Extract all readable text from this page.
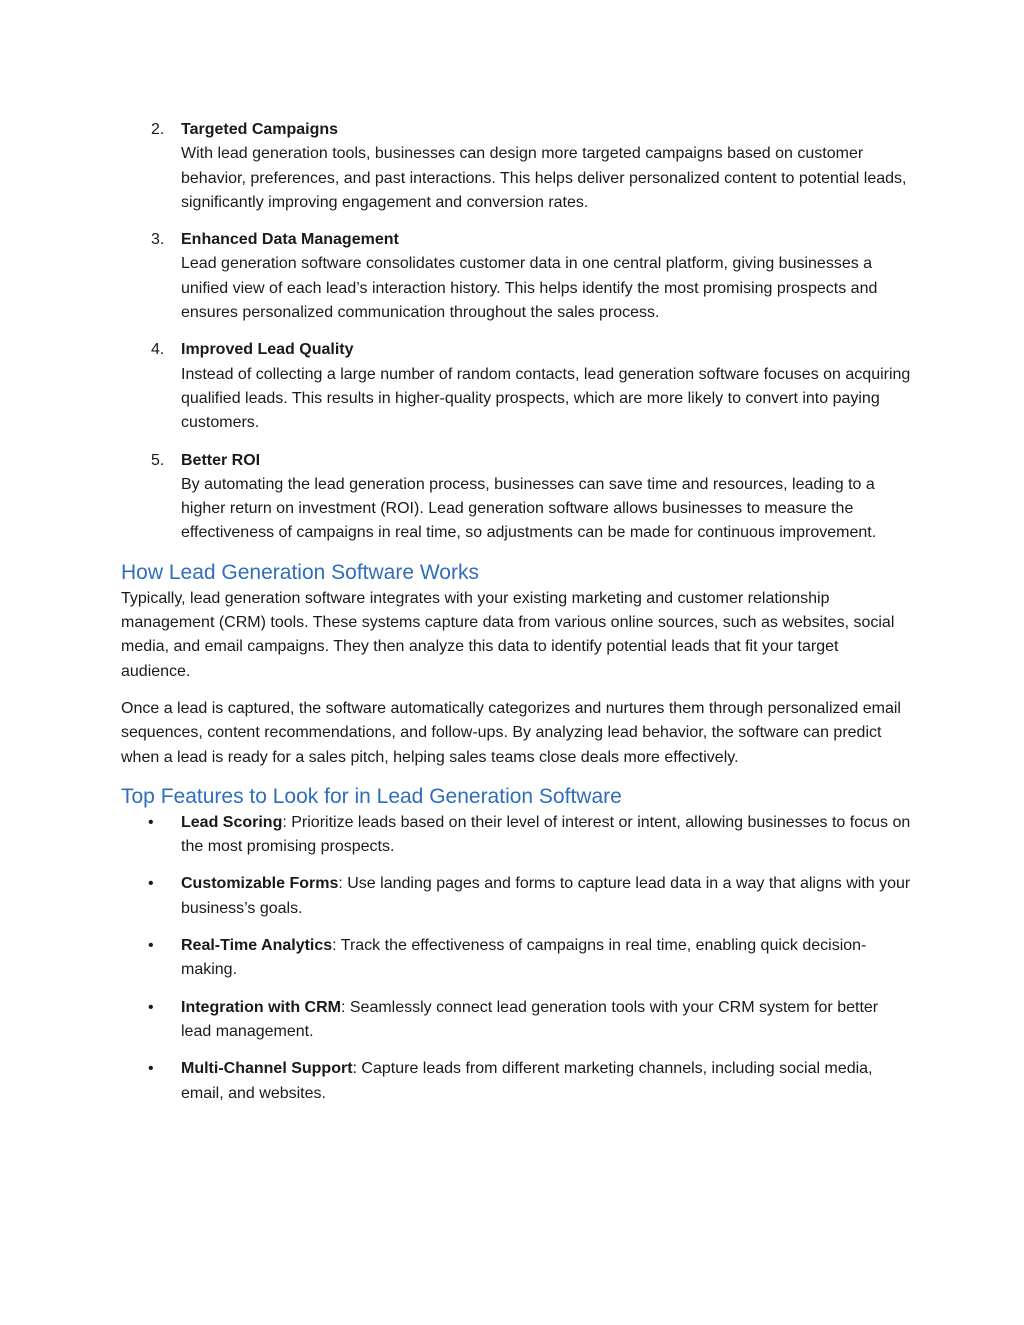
2. Targeted Campaigns
With lead generation tools, businesses can design more targeted campaigns based on customer behavior, preferences, and past interactions. This helps deliver personalized content to potential leads, significantly improving engagement and conversion rates.
3. Enhanced Data Management
Lead generation software consolidates customer data in one central platform, giving businesses a unified view of each lead’s interaction history. This helps identify the most promising prospects and ensures personalized communication throughout the sales process.
4. Improved Lead Quality
Instead of collecting a large number of random contacts, lead generation software focuses on acquiring qualified leads. This results in higher-quality prospects, which are more likely to convert into paying customers.
5. Better ROI
By automating the lead generation process, businesses can save time and resources, leading to a higher return on investment (ROI). Lead generation software allows businesses to measure the effectiveness of campaigns in real time, so adjustments can be made for continuous improvement.
How Lead Generation Software Works

Typically, lead generation software integrates with your existing marketing and customer relationship management (CRM) tools. These systems capture data from various online sources, such as websites, social media, and email campaigns. They then analyze this data to identify potential leads that fit your target audience.

Once a lead is captured, the software automatically categorizes and nurtures them through personalized email sequences, content recommendations, and follow-ups. By analyzing lead behavior, the software can predict when a lead is ready for a sales pitch, helping sales teams close deals more effectively.

Top Features to Look for in Lead Generation Software
• Lead Scoring: Prioritize leads based on their level of interest or intent, allowing businesses to focus on the most promising prospects.
• Customizable Forms: Use landing pages and forms to capture lead data in a way that aligns with your business’s goals.
• Real-Time Analytics: Track the effectiveness of campaigns in real time, enabling quick decision-making.
• Integration with CRM: Seamlessly connect lead generation tools with your CRM system for better lead management.
• Multi-Channel Support: Capture leads from different marketing channels, including social media, email, and websites.
